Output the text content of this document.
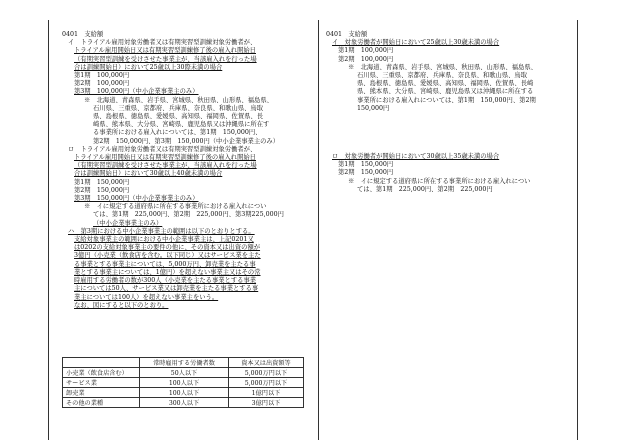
0401　支給額
イ　トライアル雇用対象労働者又は有期実習型訓練対象労働者が、
トライアル雇用開始日又は有期実習型訓練修了後の雇入れ開始日
（有期実習型訓練を受けさせた事業主が、当該雇入れを行った場
合は訓練開始日）において25歳以上30際未満の場合
第1期　100,000円
第2期　100,000円
第3期　100,000円（中小企業事業主のみ）
※　北海道、青森県、岩手県、宮城県、秋田県、山形県、福島県、
石川県、三重県、京都府、兵庫県、奈良県、和歌山県、鳥取
県、島根県、徳島県、愛媛県、高知県、福岡県、佐賀県、長
崎県、熊本県、大分県、宮崎県、鹿児島県又は沖縄県に所在す
る事業所における雇入れについては、第1期　150,000円、
第2期　150,000円、第3期　150,000円（中小企業事業主のみ）
ロ　トライアル雇用対象労働者又は有期実習型訓練対象労働者が、
トライアル雇用開始日又は有期実習型訓練修了後の雇入れ開始日
（有期実習型訓練を受けさせた事業主が、当該雇入れを行った場
合は訓練開始日）において30歳以上40歳未満の場合
第1期　150,000円
第2期　150,000円
第3期　150,000円（中小企業事業主のみ）
※　イに規定する道府県に所在する事業所における雇入れについ
ては、第1期　225,000円、第2期　225,000円、第3期225,000円
（中小企業事業主のみ）
ハ　第3期における中小企業事業主の範囲は以下のとおりとする。
支給対象事業主の範囲における中小企業事業主は、上記0201又
は0202の支給対象事業主の要件の他に、その資本又は出資の額が
3億円（小売業（飲食店を含む。以下同じ）又はサービス業を主た
る事業とする事業主については、5,000万円、卸売業を主たる事
業とする事業主については、1億円）を超えない事業主又はその常
時雇用する労働者の数が300人（小売業を主たる事業とする事業
主については50人、サービス業又は卸売業を主たる事業とする事
業主については100人）を超えない事業主をいう。
なお、図にすると以下のとおり。
	常時雇用する労働者数	資本又は出資額等
小売業（飲食店含む）	50人以下	5,000万円以下
サービス業	100人以下	5,000万円以下
卸売業	100人以下	1億円以下
その他の業種	300人以下	3億円以下
0401　支給額
イ　対象労働者が開始日において25歳以上30歳未満の場合
第1期　100,000円
第2期　100,000円
※　北海道、青森県、岩手県、宮城県、秋田県、山形県、福島県、
石川県、三重県、京都府、兵庫県、奈良県、和歌山県、鳥取
県、島根県、徳島県、愛媛県、高知県、福岡県、佐賀県、長崎
県、熊本県、大分県、宮崎県、鹿児島県又は沖縄県に所在する
事業所における雇入れについては、第1期　150,000円、第2期
150,000円
ロ　対象労働者が開始日において30歳以上35歳未満の場合
第1期　150,000円
第2期　150,000円
※　イに規定する道府県に所在する事業所における雇入れについ
ては、第1期　225,000円、第2期　225,000円
